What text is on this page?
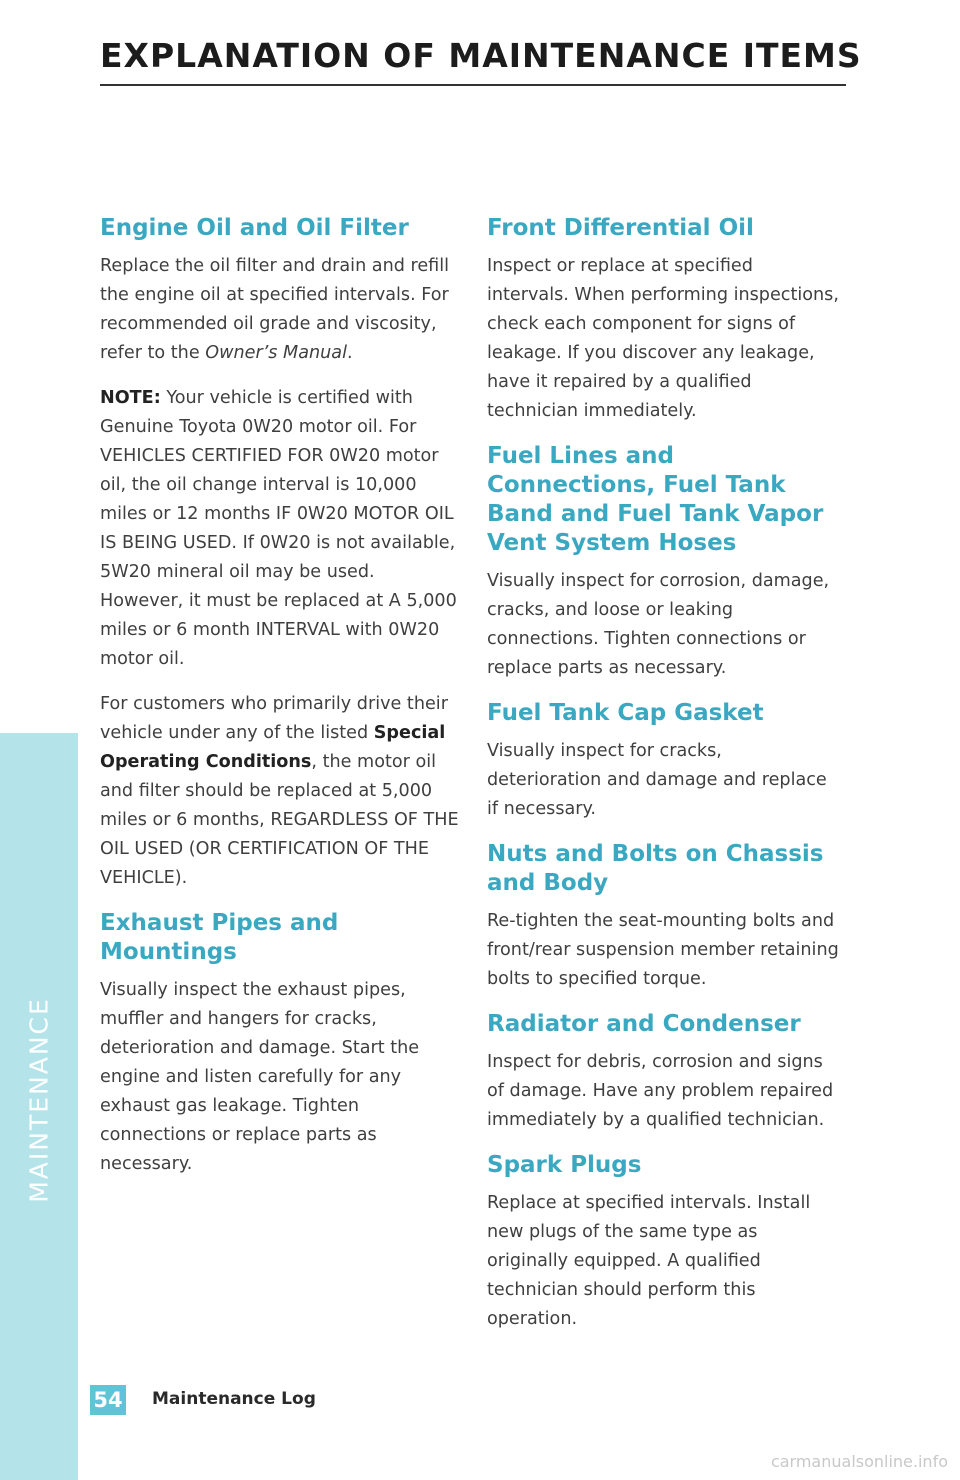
MAINTENANCE
EXPLANATION OF MAINTENANCE ITEMS
Engine Oil and Oil Filter

Replace the oil filter and drain and refill the engine oil at specified intervals. For recommended oil grade and viscosity, refer to the Owner’s Manual.

NOTE: Your vehicle is certified with Genuine Toyota 0W20 motor oil. For VEHICLES CERTIFIED FOR 0W20 motor oil, the oil change interval is 10,000 miles or 12 months IF 0W20 MOTOR OIL IS BEING USED. If 0W20 is not available, 5W20 mineral oil may be used. However, it must be replaced at A 5,000 miles or 6 month INTERVAL with 0W20 motor oil.

For customers who primarily drive their vehicle under any of the listed Special Operating Conditions, the motor oil and filter should be replaced at 5,000 miles or 6 months, REGARDLESS OF THE OIL USED (OR CERTIFICATION OF THE VEHICLE).

Exhaust Pipes and Mountings

Visually inspect the exhaust pipes, muffler and hangers for cracks, deterioration and damage. Start the engine and listen carefully for any exhaust gas leakage. Tighten connections or replace parts as necessary.

Front Differential Oil

Inspect or replace at specified intervals. When performing inspections, check each component for signs of leakage. If you discover any leakage, have it repaired by a qualified technician immediately.

Fuel Lines and Connections, Fuel Tank Band and Fuel Tank Vapor Vent System Hoses

Visually inspect for corrosion, damage, cracks, and loose or leaking connections. Tighten connections or replace parts as necessary.

Fuel Tank Cap Gasket

Visually inspect for cracks, deterioration and damage and replace if necessary.

Nuts and Bolts on Chassis and Body

Re-tighten the seat-mounting bolts and front/rear suspension member retaining bolts to specified torque.

Radiator and Condenser

Inspect for debris, corrosion and signs of damage. Have any problem repaired immediately by a qualified technician.

Spark Plugs

Replace at specified intervals. Install new plugs of the same type as originally equipped. A qualified technician should perform this operation.

54 Maintenance Log
carmanualsonline.info
